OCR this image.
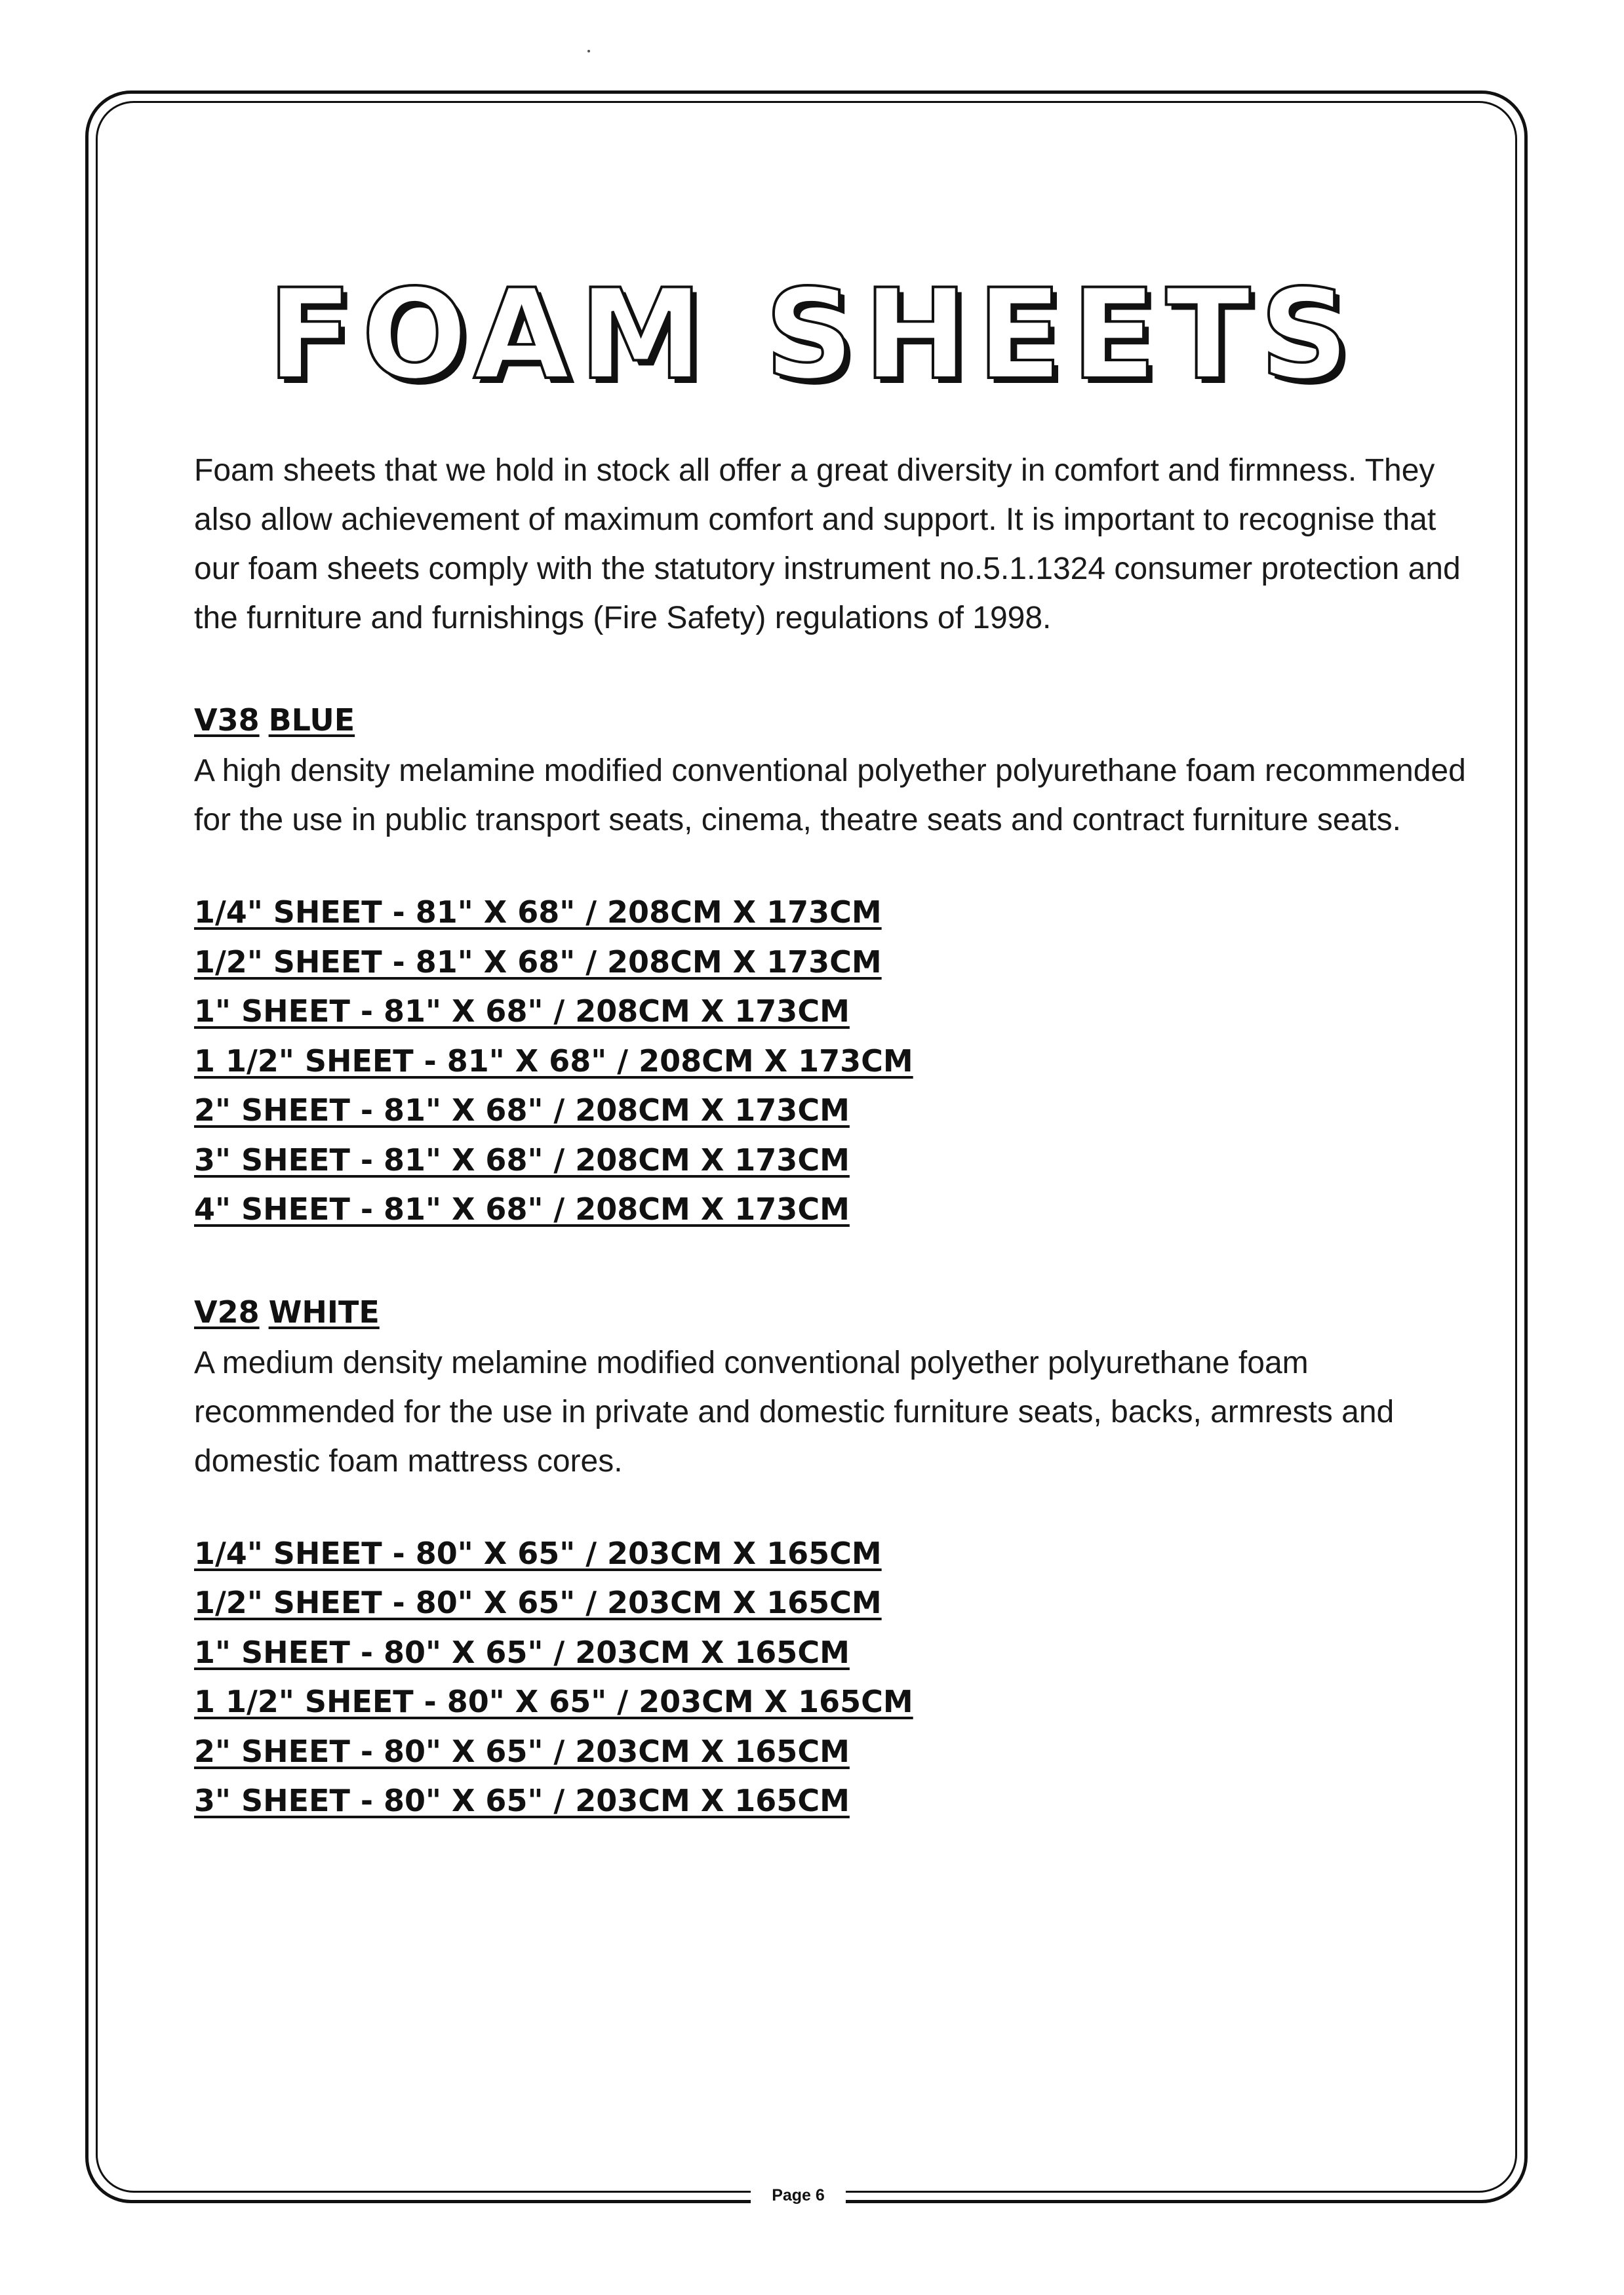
Page 6
FOAM SHEETS

Foam sheets that we hold in stock all offer a great diversity in comfort and firmness. They also allow achievement of maximum comfort and support. It is important to recognise that our foam sheets comply with the statutory instrument no.5.1.1324 consumer protection and the furniture and furnishings (Fire Safety) regulations of 1998.

V38 BLUE

A high density melamine modified conventional polyether polyurethane foam recommended for the use in public transport seats, cinema, theatre seats and contract furniture seats.

1/4" SHEET - 81" X 68" / 208CM X 173CM
1/2" SHEET - 81" X 68" / 208CM X 173CM
1" SHEET - 81" X 68" / 208CM X 173CM
1 1/2" SHEET - 81" X 68" / 208CM X 173CM
2" SHEET - 81" X 68" / 208CM X 173CM
3" SHEET - 81" X 68" / 208CM X 173CM
4" SHEET - 81" X 68" / 208CM X 173CM

V28 WHITE

A medium density melamine modified conventional polyether polyurethane foam recommended for the use in private and domestic furniture seats, backs, armrests and domestic foam mattress cores.

1/4" SHEET - 80" X 65" / 203CM X 165CM
1/2" SHEET - 80" X 65" / 203CM X 165CM
1" SHEET - 80" X 65" / 203CM X 165CM
1 1/2" SHEET - 80" X 65" / 203CM X 165CM
2" SHEET - 80" X 65" / 203CM X 165CM
3" SHEET - 80" X 65" / 203CM X 165CM
